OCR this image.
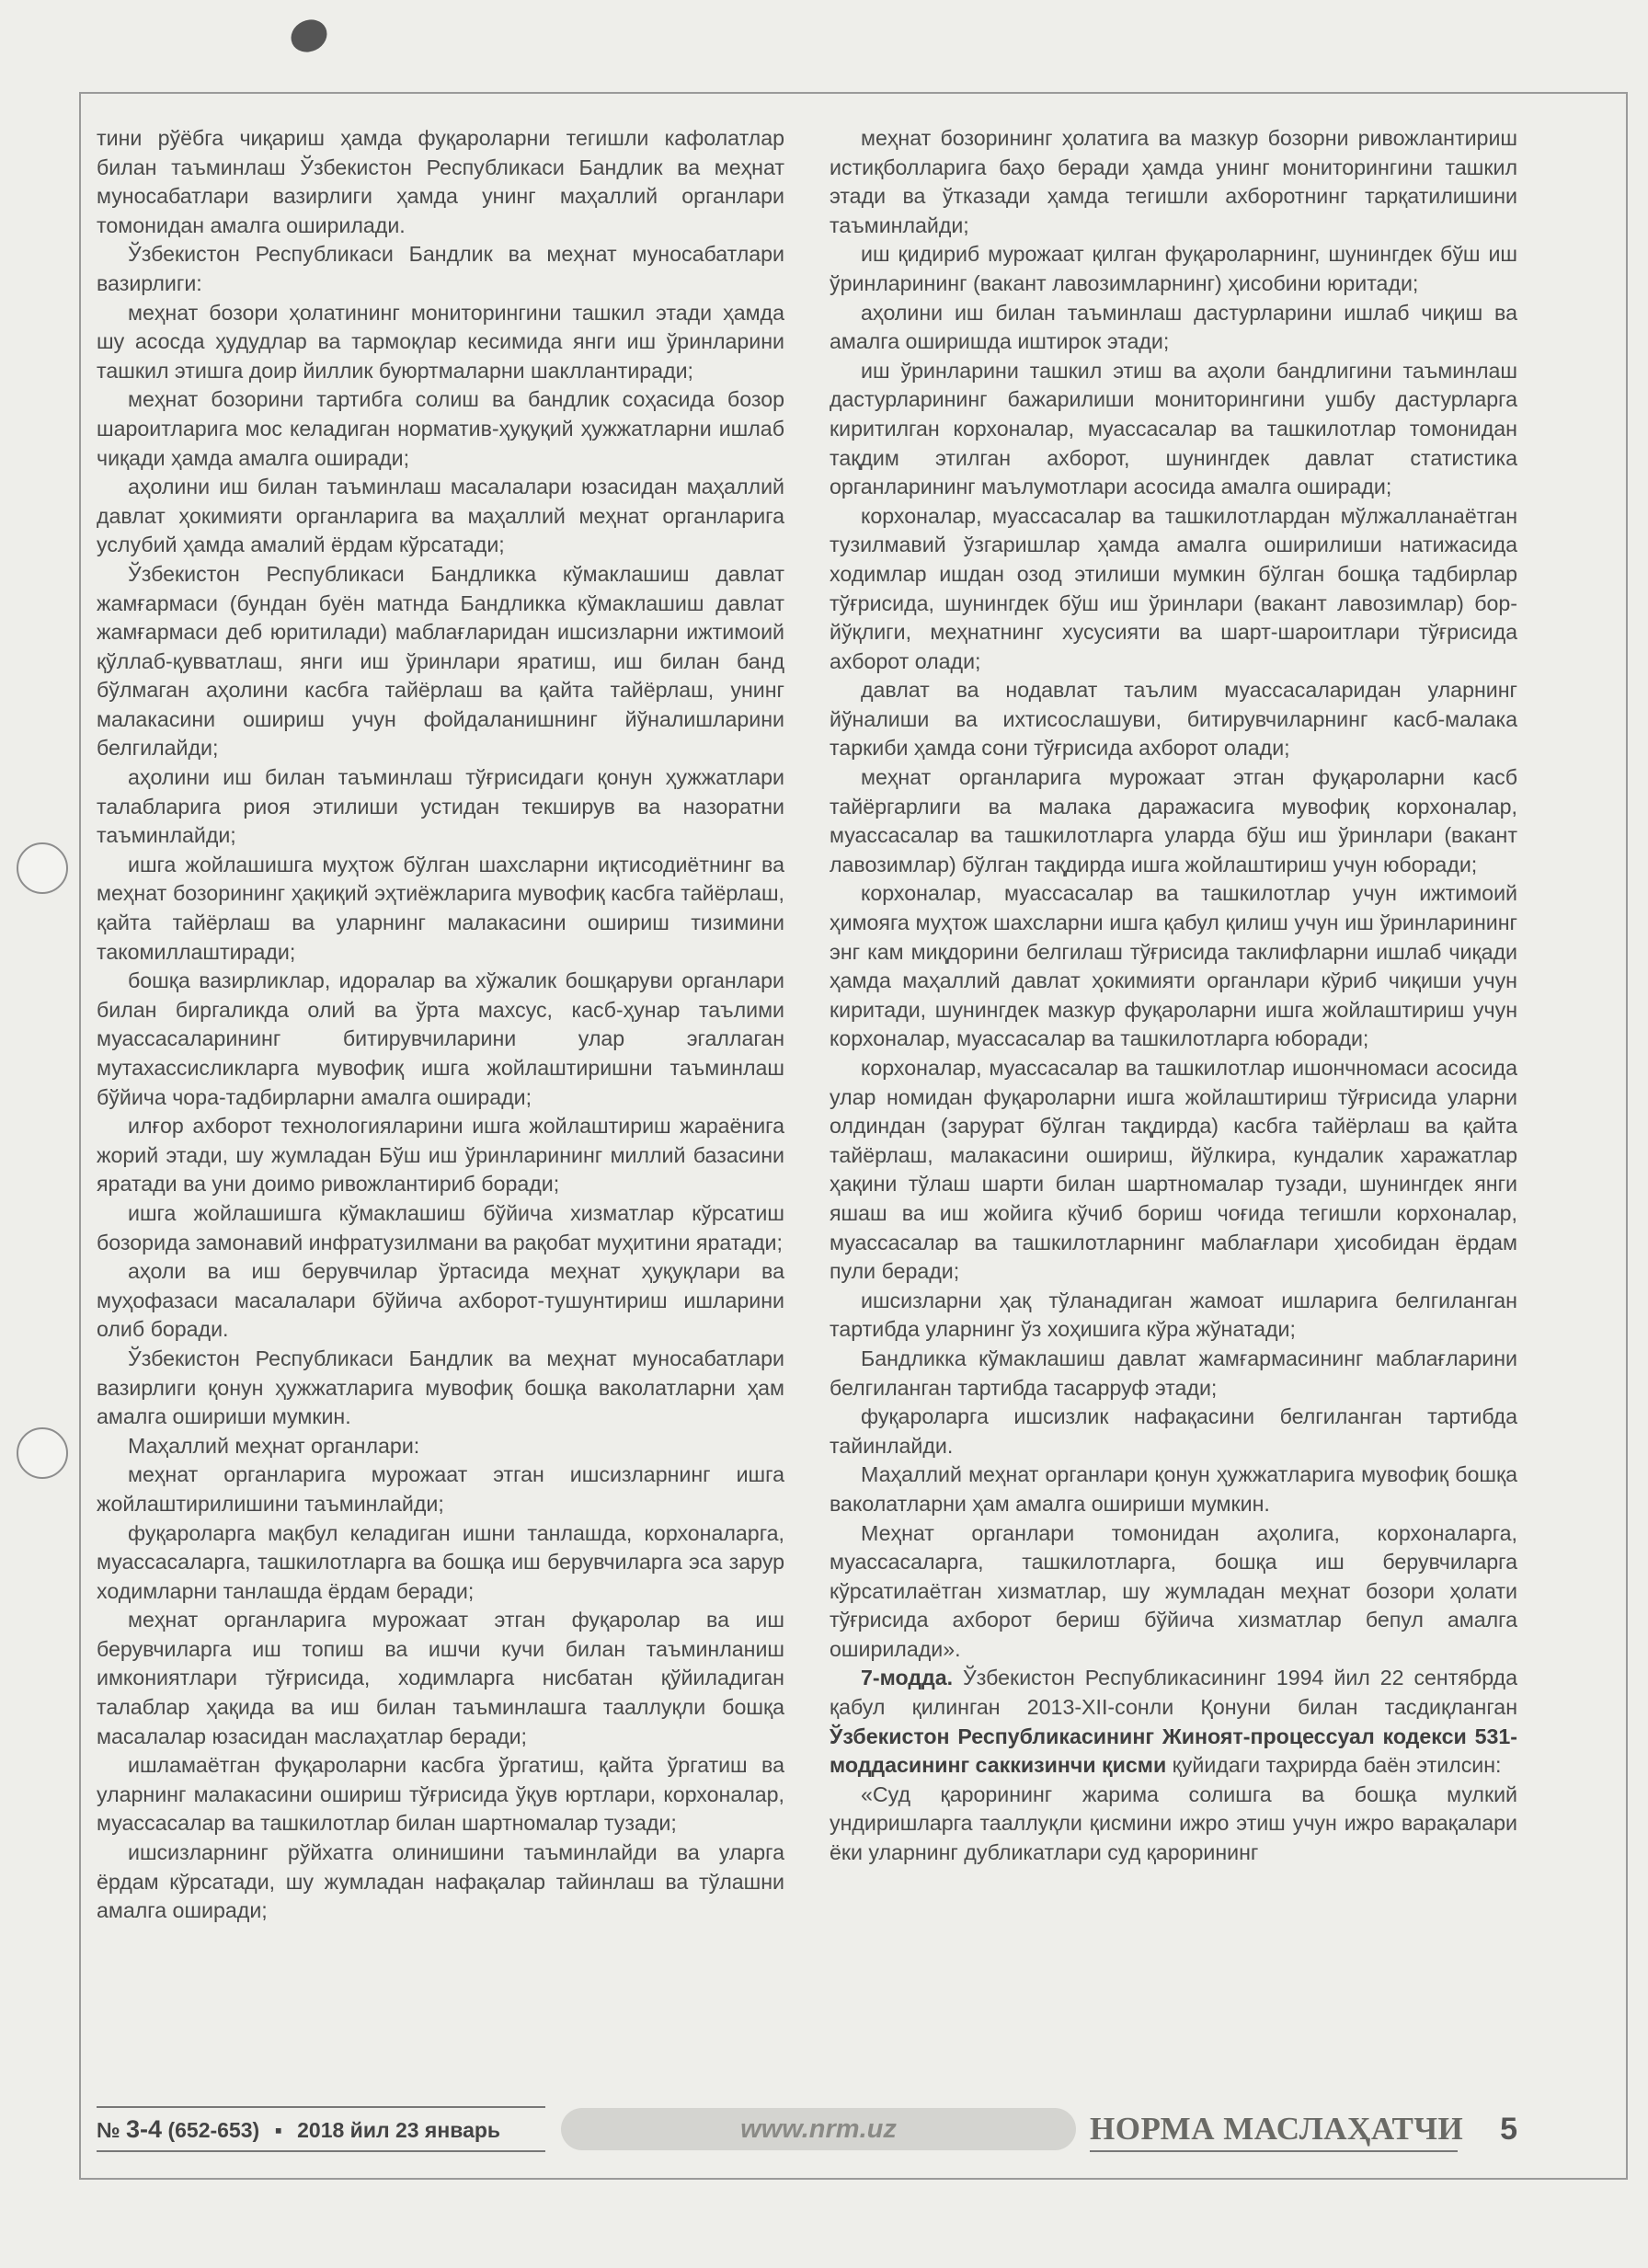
тини рўёбга чиқариш ҳамда фуқароларни тегишли кафолатлар билан таъминлаш Ўзбекистон Республикаси Бандлик ва меҳнат муносабатлари вазирлиги ҳамда унинг маҳаллий органлари томонидан амалга оширилади.

Ўзбекистон Республикаси Бандлик ва меҳнат муносабатлари вазирлиги:

меҳнат бозори ҳолатининг мониторингини ташкил этади ҳамда шу асосда ҳудудлар ва тармоқлар кесимида янги иш ўринларини ташкил этишга доир йиллик буюртмаларни шакллантиради;

меҳнат бозорини тартибга солиш ва бандлик соҳасида бозор шароитларига мос келадиган норматив-ҳуқуқий ҳужжатларни ишлаб чиқади ҳамда амалга оширади;

аҳолини иш билан таъминлаш масалалари юзасидан маҳаллий давлат ҳокимияти органларига ва маҳаллий меҳнат органларига услубий ҳамда амалий ёрдам кўрсатади;

Ўзбекистон Республикаси Бандликка кўмаклашиш давлат жамғармаси (бундан буён матнда Бандликка кўмаклашиш давлат жамғармаси деб юритилади) маблағларидан ишсизларни ижтимоий қўллаб-қувватлаш, янги иш ўринлари яратиш, иш билан банд бўлмаган аҳолини касбга тайёрлаш ва қайта тайёрлаш, унинг малакасини ошириш учун фойдаланишнинг йўналишларини белгилайди;

аҳолини иш билан таъминлаш тўғрисидаги қонун ҳужжатлари талабларига риоя этилиши устидан текширув ва назоратни таъминлайди;

ишга жойлашишга муҳтож бўлган шахсларни иқтисодиётнинг ва меҳнат бозорининг ҳақиқий эҳтиёжларига мувофиқ касбга тайёрлаш, қайта тайёрлаш ва уларнинг малакасини ошириш тизимини такомиллаштиради;

бошқа вазирликлар, идоралар ва хўжалик бошқаруви органлари билан биргаликда олий ва ўрта махсус, касб-ҳунар таълими муассасаларининг битирувчиларини улар эгаллаган мутахассисликларга мувофиқ ишга жойлаштиришни таъминлаш бўйича чора-тадбирларни амалга оширади;

илғор ахборот технологияларини ишга жойлаштириш жараёнига жорий этади, шу жумладан Бўш иш ўринларининг миллий базасини яратади ва уни доимо ривожлантириб боради;

ишга жойлашишга кўмаклашиш бўйича хизматлар кўрсатиш бозорида замонавий инфратузилмани ва рақобат муҳитини яратади;

аҳоли ва иш берувчилар ўртасида меҳнат ҳуқуқлари ва муҳофазаси масалалари бўйича ахборот-тушунтириш ишларини олиб боради.

Ўзбекистон Республикаси Бандлик ва меҳнат муносабатлари вазирлиги қонун ҳужжатларига мувофиқ бошқа ваколатларни ҳам амалга ошириши мумкин.

Маҳаллий меҳнат органлари:

меҳнат органларига мурожаат этган ишсизларнинг ишга жойлаштирилишини таъминлайди;

фуқароларга мақбул келадиган ишни танлашда, корхоналарга, муассасаларга, ташкилотларга ва бошқа иш берувчиларга эса зарур ходимларни танлашда ёрдам беради;

меҳнат органларига мурожаат этган фуқаролар ва иш берувчиларга иш топиш ва ишчи кучи билан таъминланиш имкониятлари тўғрисида, ходимларга нисбатан қўйиладиган талаблар ҳақида ва иш билан таъминлашга тааллуқли бошқа масалалар юзасидан маслаҳатлар беради;

ишламаётган фуқароларни касбга ўргатиш, қайта ўргатиш ва уларнинг малакасини ошириш тўғрисида ўқув юртлари, корхоналар, муассасалар ва ташкилотлар билан шартномалар тузади;

ишсизларнинг рўйхатга олинишини таъминлайди ва уларга ёрдам кўрсатади, шу жумладан нафақалар тайинлаш ва тўлашни амалга оширади;

меҳнат бозорининг ҳолатига ва мазкур бозорни ривожлантириш истиқболларига баҳо беради ҳамда унинг мониторингини ташкил этади ва ўтказади ҳамда тегишли ахборотнинг тарқатилишини таъминлайди;

иш қидириб мурожаат қилган фуқароларнинг, шунингдек бўш иш ўринларининг (вакант лавозимларнинг) ҳисобини юритади;

аҳолини иш билан таъминлаш дастурларини ишлаб чиқиш ва амалга оширишда иштирок этади;

иш ўринларини ташкил этиш ва аҳоли бандлигини таъминлаш дастурларининг бажарилиши мониторингини ушбу дастурларга киритилган корхоналар, муассасалар ва ташкилотлар томонидан тақдим этилган ахборот, шунингдек давлат статистика органларининг маълумотлари асосида амалга оширади;

корхоналар, муассасалар ва ташкилотлардан мўлжалланаётган тузилмавий ўзгаришлар ҳамда амалга оширилиши натижасида ходимлар ишдан озод этилиши мумкин бўлган бошқа тадбирлар тўғрисида, шунингдек бўш иш ўринлари (вакант лавозимлар) бор-йўқлиги, меҳнатнинг хусусияти ва шарт-шароитлари тўғрисида ахборот олади;

давлат ва нодавлат таълим муассасаларидан уларнинг йўналиши ва ихтисослашуви, битирувчиларнинг касб-малака таркиби ҳамда сони тўғрисида ахборот олади;

меҳнат органларига мурожаат этган фуқароларни касб тайёргарлиги ва малака даражасига мувофиқ корхоналар, муассасалар ва ташкилотларга уларда бўш иш ўринлари (вакант лавозимлар) бўлган тақдирда ишга жойлаштириш учун юборади;

корхоналар, муассасалар ва ташкилотлар учун ижтимоий ҳимояга муҳтож шахсларни ишга қабул қилиш учун иш ўринларининг энг кам миқдорини белгилаш тўғрисида таклифларни ишлаб чиқади ҳамда маҳаллий давлат ҳокимияти органлари кўриб чиқиши учун киритади, шунингдек мазкур фуқароларни ишга жойлаштириш учун корхоналар, муассасалар ва ташкилотларга юборади;

корхоналар, муассасалар ва ташкилотлар ишончномаси асосида улар номидан фуқароларни ишга жойлаштириш тўғрисида уларни олдиндан (зарурат бўлган тақдирда) касбга тайёрлаш ва қайта тайёрлаш, малакасини ошириш, йўлкира, кундалик харажатлар ҳақини тўлаш шарти билан шартномалар тузади, шунингдек янги яшаш ва иш жойига кўчиб бориш чоғида тегишли корхоналар, муассасалар ва ташкилотларнинг маблағлари ҳисобидан ёрдам пули беради;

ишсизларни ҳақ тўланадиган жамоат ишларига белгиланган тартибда уларнинг ўз хоҳишига кўра жўнатади;

Бандликка кўмаклашиш давлат жамғармасининг маблағларини белгиланган тартибда тасарруф этади;

фуқароларга ишсизлик нафақасини белгиланган тартибда тайинлайди.

Маҳаллий меҳнат органлари қонун ҳужжатларига мувофиқ бошқа ваколатларни ҳам амалга ошириши мумкин.

Меҳнат органлари томонидан аҳолига, корхоналарга, муассасаларга, ташкилотларга, бошқа иш берувчиларга кўрсатилаётган хизматлар, шу жумладан меҳнат бозори ҳолати тўғрисида ахборот бериш бўйича хизматлар бепул амалга оширилади».

7-модда. Ўзбекистон Республикасининг 1994 йил 22 сентябрда қабул қилинган 2013-XII-сонли Қонуни билан тасдиқланган Ўзбекистон Республикасининг Жиноят-процессуал кодекси 531-моддасининг саккизинчи қисми қуйидаги таҳрирда баён этилсин:

«Суд қарорининг жарима солишга ва бошқа мулкий ундиришларга тааллуқли қисмини ижро этиш учун ижро варақалари ёки уларнинг дубликатлари суд қарорининг

№ 3-4 (652-653) ▪ 2018 йил 23 январь	www.nrm.uz	НОРМА МАСЛАҲАТЧИ	5
